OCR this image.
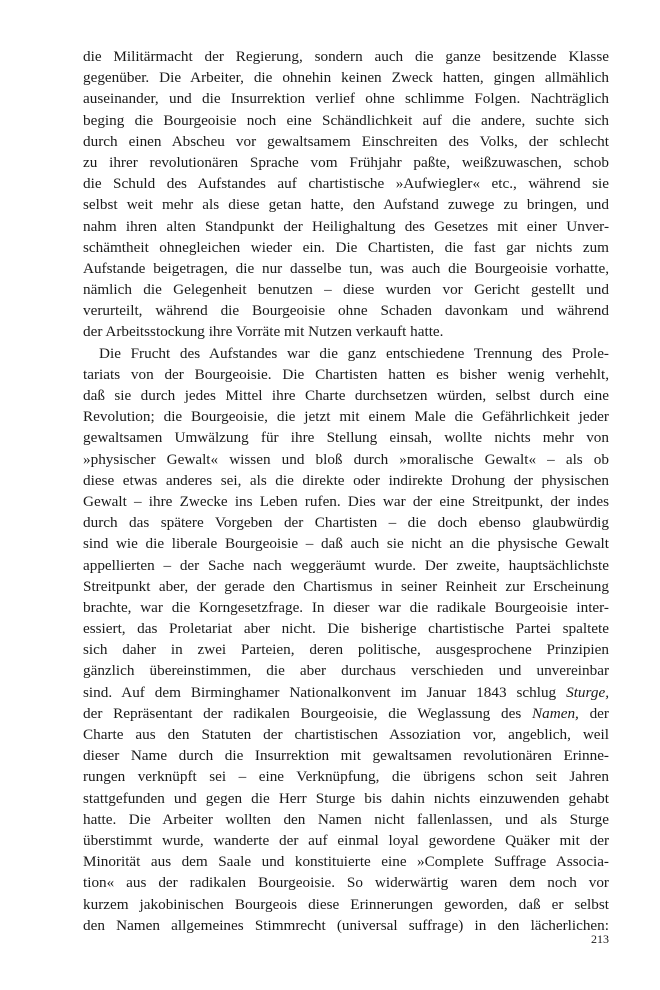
die Militärmacht der Regierung, sondern auch die ganze besitzende Klasse
gegenüber. Die Arbeiter, die ohnehin keinen Zweck hatten, gingen allmählich
auseinander, und die Insurrektion verlief ohne schlimme Folgen. Nachträglich
beging die Bourgeoisie noch eine Schändlichkeit auf die andere, suchte sich
durch einen Abscheu vor gewaltsamem Einschreiten des Volks, der schlecht
zu ihrer revolutionären Sprache vom Frühjahr paßte, weißzuwaschen, schob
die Schuld des Aufstandes auf chartistische »Aufwiegler« etc., während sie
selbst weit mehr als diese getan hatte, den Aufstand zuwege zu bringen, und
nahm ihren alten Standpunkt der Heilighaltung des Gesetzes mit einer Unver-
schämtheit ohnegleichen wieder ein. Die Chartisten, die fast gar nichts zum
Aufstande beigetragen, die nur dasselbe tun, was auch die Bourgeoisie vorhatte,
nämlich die Gelegenheit benutzen – diese wurden vor Gericht gestellt und
verurteilt, während die Bourgeoisie ohne Schaden davonkam und während
der Arbeitsstockung ihre Vorräte mit Nutzen verkauft hatte.
Die Frucht des Aufstandes war die ganz entschiedene Trennung des Prole-
tariats von der Bourgeoisie. Die Chartisten hatten es bisher wenig verhehlt,
daß sie durch jedes Mittel ihre Charte durchsetzen würden, selbst durch eine
Revolution; die Bourgeoisie, die jetzt mit einem Male die Gefährlichkeit jeder
gewaltsamen Umwälzung für ihre Stellung einsah, wollte nichts mehr von
»physischer Gewalt« wissen und bloß durch »moralische Gewalt« – als ob
diese etwas anderes sei, als die direkte oder indirekte Drohung der physischen
Gewalt – ihre Zwecke ins Leben rufen. Dies war der eine Streitpunkt, der indes
durch das spätere Vorgeben der Chartisten – die doch ebenso glaubwürdig
sind wie die liberale Bourgeoisie – daß auch sie nicht an die physische Gewalt
appellierten – der Sache nach weggeräumt wurde. Der zweite, hauptsächlichste
Streitpunkt aber, der gerade den Chartismus in seiner Reinheit zur Erscheinung
brachte, war die Korngesetzfrage. In dieser war die radikale Bourgeoisie inter-
essiert, das Proletariat aber nicht. Die bisherige chartistische Partei spaltete
sich daher in zwei Parteien, deren politische, ausgesprochene Prinzipien
gänzlich übereinstimmen, die aber durchaus verschieden und unvereinbar
sind. Auf dem Birminghamer Nationalkonvent im Januar 1843 schlug Sturge,
der Repräsentant der radikalen Bourgeoisie, die Weglassung des Namen, der
Charte aus den Statuten der chartistischen Assoziation vor, angeblich, weil
dieser Name durch die Insurrektion mit gewaltsamen revolutionären Erinne-
rungen verknüpft sei – eine Verknüpfung, die übrigens schon seit Jahren
stattgefunden und gegen die Herr Sturge bis dahin nichts einzuwenden gehabt
hatte. Die Arbeiter wollten den Namen nicht fallenlassen, und als Sturge
überstimmt wurde, wanderte der auf einmal loyal gewordene Quäker mit der
Minorität aus dem Saale und konstituierte eine »Complete Suffrage Associa-
tion« aus der radikalen Bourgeoisie. So widerwärtig waren dem noch vor
kurzem jakobinischen Bourgeois diese Erinnerungen geworden, daß er selbst
den Namen allgemeines Stimmrecht (universal suffrage) in den lächerlichen:
213
